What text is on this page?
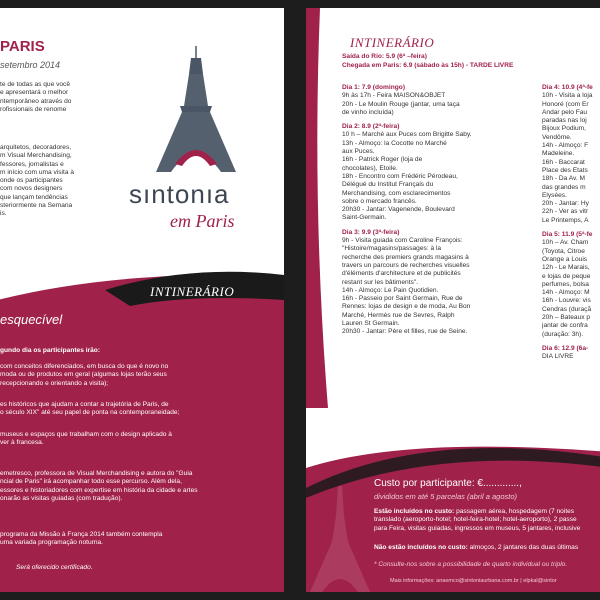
PARIS
setembro 2014
te de todas as que você
e apresentará o melhor
ntemporâneo através do
rofissionais de renome
arquitetos, decoradores,
m Visual Merchandising,
fessores, jornalistas e
m início com uma visita à
onde os participantes
com novos designers
que lançam tendências
steriormente na Semana
is.
sıntonıa
em Paris
INTINERÁRIO
esquecível
gundo dia os participantes irão:
com conceitos diferenciados, em busca do que é novo no
moda ou de produtos em geral (algumas lojas terão seus
recepcionando e orientando a visita);
es históricos que ajudam a contar a trajetória de Paris, de
o século XIX" até seu papel de ponta na contemporaneidade;
museus e espaços que trabalham com o design aplicado à
ver à francesa.
emetresco, professora de Visual Merchandising e autora do "Guia
ncial de Paris" irá acompanhar todo esse percurso. Além dela,
essores e historiadores com expertise em história da cidade e artes
onarão as visitas guiadas (com tradução).
programa da Missão à França 2014 também contempla
uma variada programação noturna.
Será oferecido certificado.
INTINERÁRIO
Saída do Rio: 5.9 (6ª –feira)
Chegada em Paris: 6.9 (sábado às 15h) - TARDE LIVRE
Dia 1: 7.9 (domingo)
9h às 17h - Feira MAISON&OBJET
20h - Le Moulin Rouge (jantar, uma taça
de vinho incluída)
Dia 2: 8.9 (2ª-feira)
10 h – Marché aux Puces com Brigitte Saby.
13h - Almoço: la Cocotte no Marché
aux Puces.
16h - Patrick Roger (loja de
chocolates), Étoile.
18h - Encontro com Frédéric Pérodeau,
Délégué du Institut Français du
Merchandising, com esclarecimentos
sobre o mercado francês.
20h30 - Jantar: Vagenende, Boulevard
Saint-Germain.
Dia 3: 9.9 (3ª-feira)
9h - Visita guiada com Caroline François:
"Histoire/magasins/passages: à la
recherche des premiers grands magasins à
travers un parcours de recherches visuelles
d'éléments d'architecture et de publicités
restant sur les bâtiments".
14h - Almoço: Le Pain Quotidien.
16h - Passeio por Saint Germain, Rue de
Rennes: lojas de design e de moda, Au Bon
Marché, Hermès rue de Sevres, Ralph
Lauren St Germain.
20h30 - Jantar: Père et filles, rue de Seine.
Dia 4: 10.9 (4ª-fe
10h - Visita a loja
Honoré (com Er
Andar pelo Fau
paradas nas loj
Bijoux Podium,
Vendôme.
14h - Almoço: F
Madeleine.
16h - Baccarat
Place des États
18h - Da Av. M
das grandes m
Elysées.
20h - Jantar: Hy
22h - Ver as vitr
Le Printemps, A
Dia 5: 11.9 (5ª-fe
10h – Av. Cham
(Toyota, Citroe
Orange a Louis
12h - Le Marais,
e lojas de peque
perfumes, bolsa
14h - Almoço: M
16h - Louvre: vis
Cendras (duraçã
20h – Bateaux p
jantar de confra
(duração: 3h).
Dia 6: 12.9 (6a-
DIA LIVRE
Custo por participante: €.............,
divididos em até 5 parcelas (abril a agosto)
Estão incluídos no custo: passagem aérea, hospedagem (7 noites
translado (aeroporto-hotel; hotel-feira-hotel; hotel-aeroporto), 2 passe
para Feira, visitas guiadas, ingressos em museus, 5 jantares, inclusive
Não estão incluídos no custo: almoços, 2 jantares das duas últimas
* Consulte-nos sobre a possibilidade de quarto individual ou triplo.
Mais informações: anaemco@sintoniaurbana.com.br | elpkal@sintor
